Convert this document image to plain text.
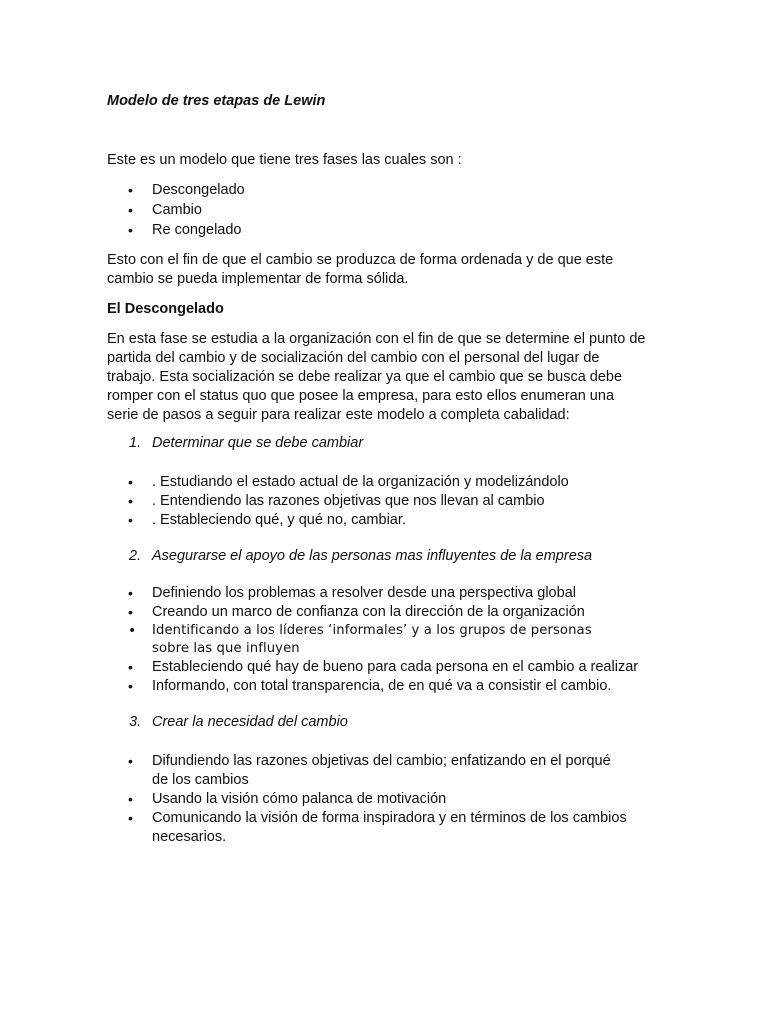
Modelo de tres etapas de Lewin

Este es un modelo que tiene tres fases las cuales son :

• Descongelado
• Cambio
• Re congelado

Esto con el fin de que el cambio se produzca de forma ordenada y de que este cambio se pueda implementar de forma sólida.

El Descongelado

En esta fase se estudia a la organización con el fin de que se determine el punto de partida del cambio y de socialización del cambio con el personal del lugar de trabajo. Esta socialización se debe realizar ya que el cambio que se busca debe romper con el status quo que posee la empresa, para esto ellos enumeran una serie de pasos a seguir para realizar este modelo a completa cabalidad:

1. Determinar que se debe cambiar
• . Estudiando el estado actual de la organización y modelizándolo
• . Entendiendo las razones objetivas que nos llevan al cambio
• . Estableciendo qué, y qué no, cambiar.
2. Asegurarse el apoyo de las personas mas influyentes de la empresa
• Definiendo los problemas a resolver desde una perspectiva global
• Creando un marco de confianza con la dirección de la organización
• Identificando a los líderes ‘informales’ y a los grupos de personas sobre las que influyen
• Estableciendo qué hay de bueno para cada persona en el cambio a realizar
• Informando, con total transparencia, de en qué va a consistir el cambio.
3. Crear la necesidad del cambio
• Difundiendo las razones objetivas del cambio; enfatizando en el porqué de los cambios
• Usando la visión cómo palanca de motivación
• Comunicando la visión de forma inspiradora y en términos de los cambios necesarios.
